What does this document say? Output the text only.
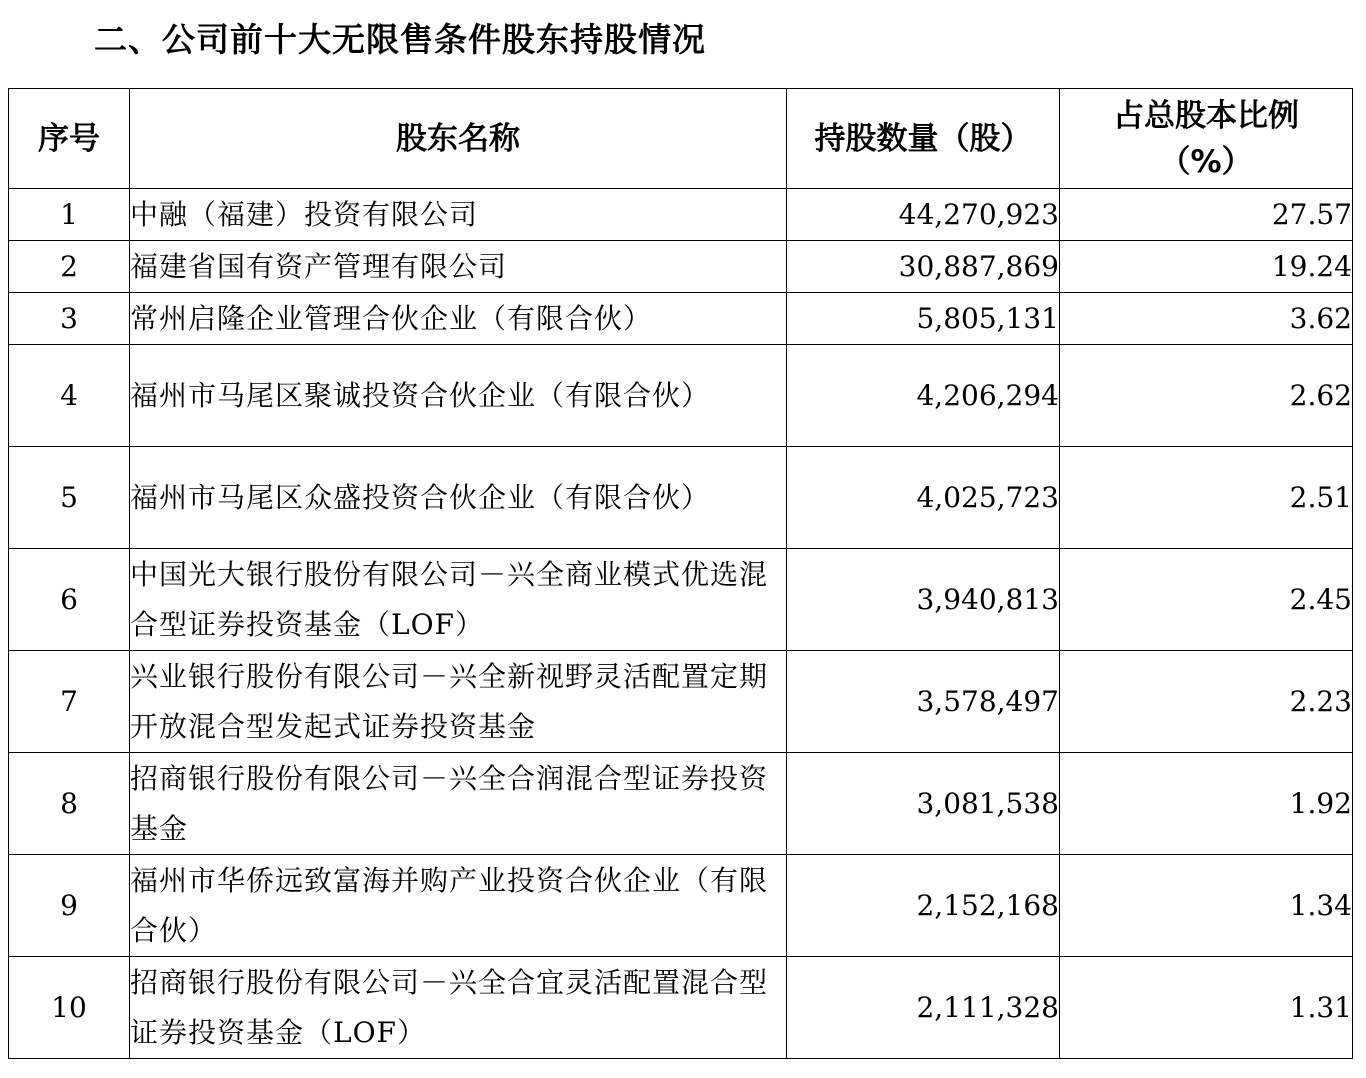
二、公司前十大无限售条件股东持股情况
序号	股东名称	持股数量（股）	占总股本比例
（%）

1	中融（福建）投资有限公司	44,270,923	27.57
2	福建省国有资产管理有限公司	30,887,869	19.24
3	常州启隆企业管理合伙企业（有限合伙）	5,805,131	3.62
4	福州市马尾区聚诚投资合伙企业（有限合伙）	4,206,294	2.62
5	福州市马尾区众盛投资合伙企业（有限合伙）	4,025,723	2.51
6	中国光大银行股份有限公司－兴全商业模式优选混合型证券投资基金（LOF）	3,940,813	2.45
7	兴业银行股份有限公司－兴全新视野灵活配置定期开放混合型发起式证券投资基金	3,578,497	2.23
8	招商银行股份有限公司－兴全合润混合型证券投资基金	3,081,538	1.92
9	福州市华侨远致富海并购产业投资合伙企业（有限合伙）	2,152,168	1.34
10	招商银行股份有限公司－兴全合宜灵活配置混合型证券投资基金（LOF）	2,111,328	1.31
